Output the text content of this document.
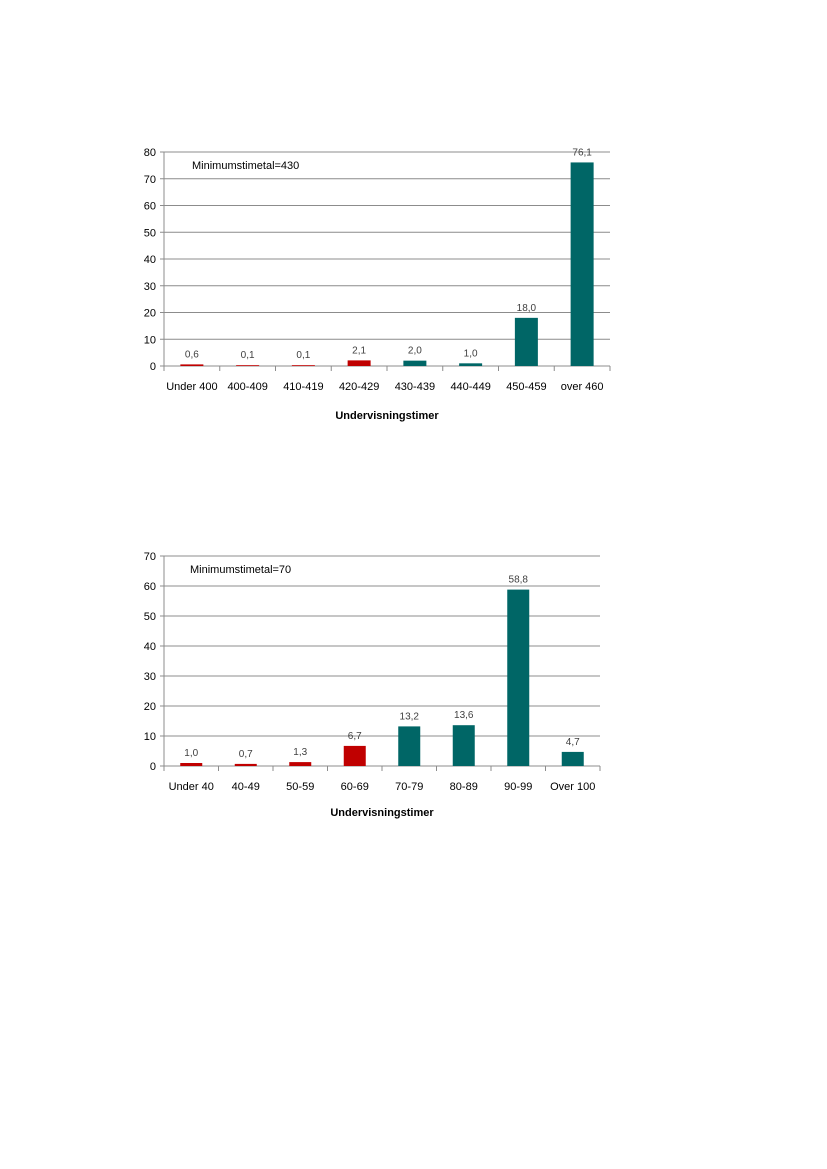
0
10
20
30
40
50
60
70
80
0,6
Under 400
0,1
400-409
0,1
410-419
2,1
420-429
2,0
430-439
1,0
440-449
18,0
450-459
76,1
over 460
Minimumstimetal=430
Undervisningstimer
0
10
20
30
40
50
60
70
1,0
Under 40
0,7
40-49
1,3
50-59
6,7
60-69
13,2
70-79
13,6
80-89
58,8
90-99
4,7
Over 100
Minimumstimetal=70
Undervisningstimer
